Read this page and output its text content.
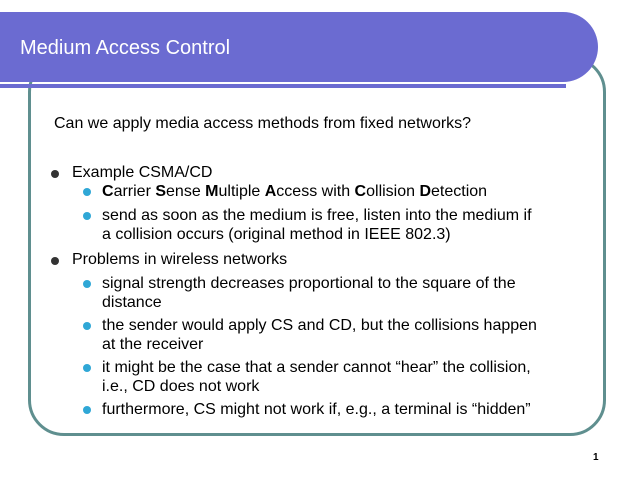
Medium Access Control
Can we apply media access methods from fixed networks?
Example CSMA/CD
Carrier Sense Multiple Access with Collision Detection
send as soon as the medium is free, listen into the medium if
a collision occurs (original method in IEEE 802.3)
Problems in wireless networks
signal strength decreases proportional to the square of the
distance
the sender would apply CS and CD, but the collisions happen
at the receiver
it might be the case that a sender cannot “hear” the collision,
i.e., CD does not work
furthermore, CS might not work if, e.g., a terminal is “hidden”
1
